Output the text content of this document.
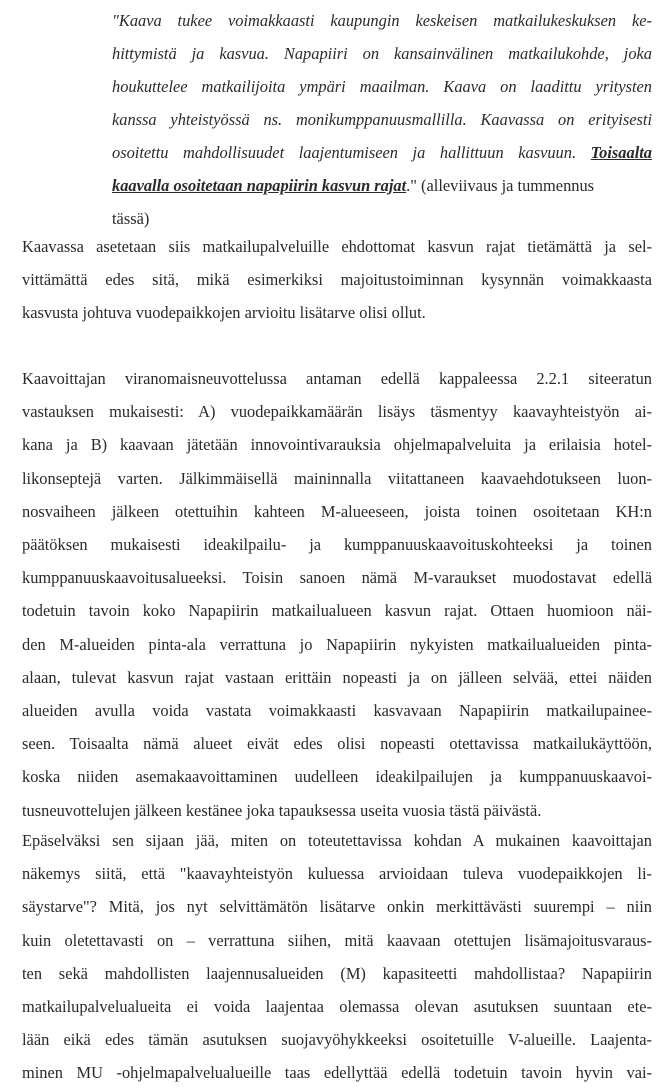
"Kaava tukee voimakkaasti kaupungin keskeisen matkailukeskuksen ke-
hittymistä ja kasvua. Napapiiri on kansainvälinen matkailukohde, joka
houkuttelee matkailijoita ympäri maailman. Kaava on laadittu yritysten
kanssa yhteistyössä ns. monikumppanuusmallilla. Kaavassa on erityisesti
osoitettu mahdollisuudet laajentumiseen ja hallittuun kasvuun. Toisaalta
kaavalla osoitetaan napapiirin kasvun rajat." (alleviivaus ja tummennus
tässä)
Kaavassa asetetaan siis matkailupalveluille ehdottomat kasvun rajat tietämättä ja sel-
vittämättä edes sitä, mikä esimerkiksi majoitustoiminnan kysynnän voimakkaasta
kasvusta johtuva vuodepaikkojen arvioitu lisätarve olisi ollut.
Kaavoittajan viranomaisneuvottelussa antaman edellä kappaleessa 2.2.1 siteeratun
vastauksen mukaisesti: A) vuodepaikkamäärän lisäys täsmentyy kaavayhteistyön ai-
kana ja B) kaavaan jätetään innovointivarauksia ohjelmapalveluita ja erilaisia hotel-
likonseptejä varten. Jälkimmäisellä maininnalla viitattaneen kaavaehdotukseen luon-
nosvaiheen jälkeen otettuihin kahteen M-alueeseen, joista toinen osoitetaan KH:n
päätöksen mukaisesti ideakilpailu- ja kumppanuuskaavoituskohteeksi ja toinen
kumppanuuskaavoitusalueeksi. Toisin sanoen nämä M-varaukset muodostavat edellä
todetuin tavoin koko Napapiirin matkailualueen kasvun rajat. Ottaen huomioon näi-
den M-alueiden pinta-ala verrattuna jo Napapiirin nykyisten matkailualueiden pinta-
alaan, tulevat kasvun rajat vastaan erittäin nopeasti ja on jälleen selvää, ettei näiden
alueiden avulla voida vastata voimakkaasti kasvavaan Napapiirin matkailupainee-
seen. Toisaalta nämä alueet eivät edes olisi nopeasti otettavissa matkailukäyttöön,
koska niiden asemakaavoittaminen uudelleen ideakilpailujen ja kumppanuuskaavoi-
tusneuvottelujen jälkeen kestänee joka tapauksessa useita vuosia tästä päivästä.
Epäselväksi sen sijaan jää, miten on toteutettavissa kohdan A mukainen kaavoittajan
näkemys siitä, että "kaavayhteistyön kuluessa arvioidaan tuleva vuodepaikkojen li-
säystarve"? Mitä, jos nyt selvittämätön lisätarve onkin merkittävästi suurempi – niin
kuin oletettavasti on – verrattuna siihen, mitä kaavaan otettujen lisämajoitusvaraus-
ten sekä mahdollisten laajennusalueiden (M) kapasiteetti mahdollistaa? Napapiirin
matkailupalvelualueita ei voida laajentaa olemassa olevan asutuksen suuntaan ete-
lään eikä edes tämän asutuksen suojavyöhykkeeksi osoitetuille V-alueille. Laajenta-
minen MU -ohjelmapalvelualueille taas edellyttää edellä todetuin tavoin hyvin vai-
